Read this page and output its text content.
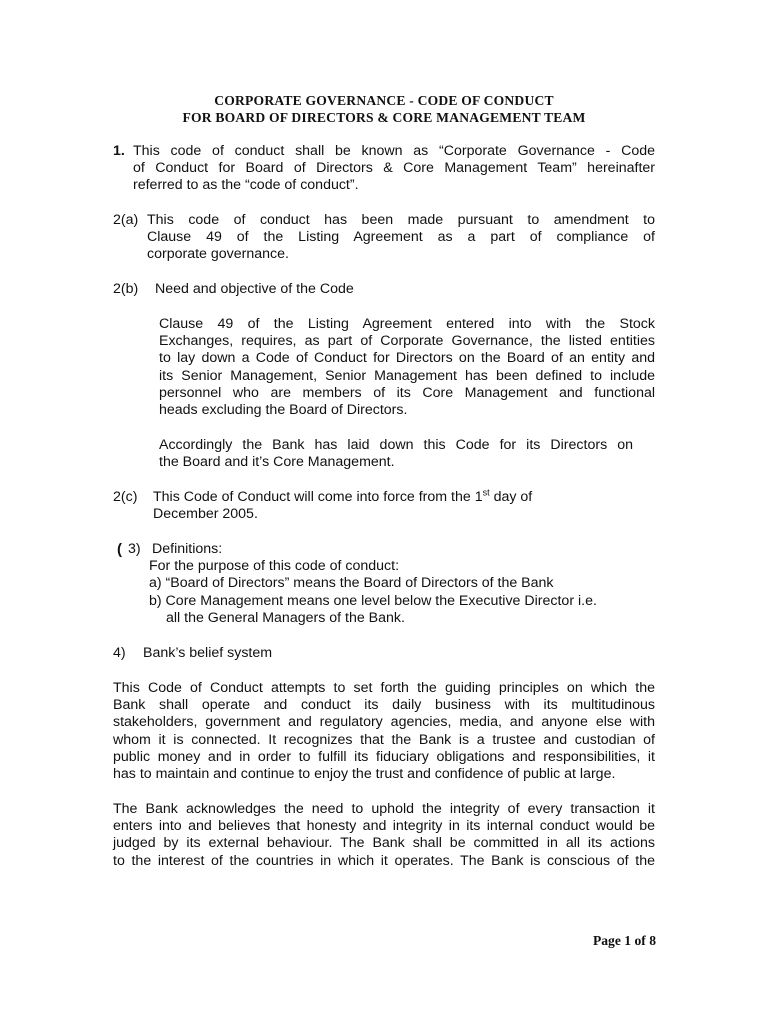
CORPORATE GOVERNANCE - CODE OF CONDUCT
FOR BOARD OF DIRECTORS & CORE MANAGEMENT TEAM
1. This code of conduct shall be known as “Corporate Governance - Code
of Conduct for Board of Directors & Core Management Team” hereinafter
referred to as the “code of conduct”.
2(a) This code of conduct has been made pursuant to amendment to
Clause 49 of the Listing Agreement as a part of compliance of
corporate governance.
2(b) Need and objective of the Code
Clause 49 of the Listing Agreement entered into with the Stock
Exchanges, requires, as part of Corporate Governance, the listed entities
to lay down a Code of Conduct for Directors on the Board of an entity and
its Senior Management, Senior Management has been defined to include
personnel who are members of its Core Management and functional
heads excluding the Board of Directors.
Accordingly the Bank has laid down this Code for its Directors on
the Board and it’s Core Management.
2(c) This Code of Conduct will come into force from the 1st day of
December 2005.
( 3) Definitions:
For the purpose of this code of conduct:
a) “Board of Directors” means the Board of Directors of the Bank
b) Core Management means one level below the Executive Director i.e.
all the General Managers of the Bank.
4) Bank’s belief system
This Code of Conduct attempts to set forth the guiding principles on which the
Bank shall operate and conduct its daily business with its multitudinous
stakeholders, government and regulatory agencies, media, and anyone else with
whom it is connected. It recognizes that the Bank is a trustee and custodian of
public money and in order to fulfill its fiduciary obligations and responsibilities, it
has to maintain and continue to enjoy the trust and confidence of public at large.
The Bank acknowledges the need to uphold the integrity of every transaction it
enters into and believes that honesty and integrity in its internal conduct would be
judged by its external behaviour. The Bank shall be committed in all its actions
to the interest of the countries in which it operates. The Bank is conscious of the
Page 1 of 8
